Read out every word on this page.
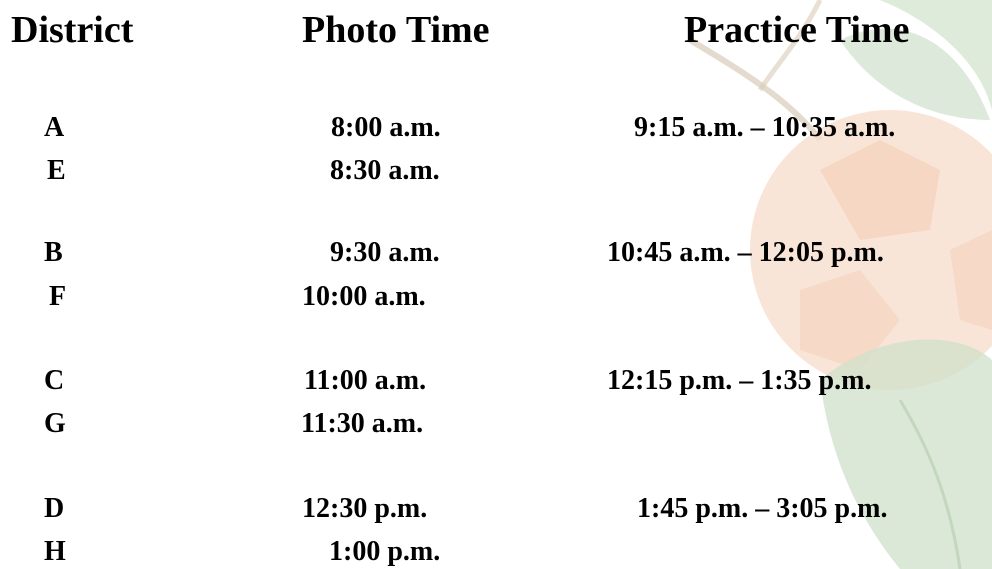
District	Photo Time	Practice Time
A	8:00 a.m.	9:15 a.m. – 10:35 a.m.
E	8:30 a.m.
B	9:30 a.m.	10:45 a.m. – 12:05 p.m.
F	10:00 a.m.
C	11:00 a.m.	12:15 p.m. – 1:35 p.m.
G	11:30 a.m.
D	12:30 p.m.	1:45 p.m. – 3:05 p.m.
H	1:00 p.m.
